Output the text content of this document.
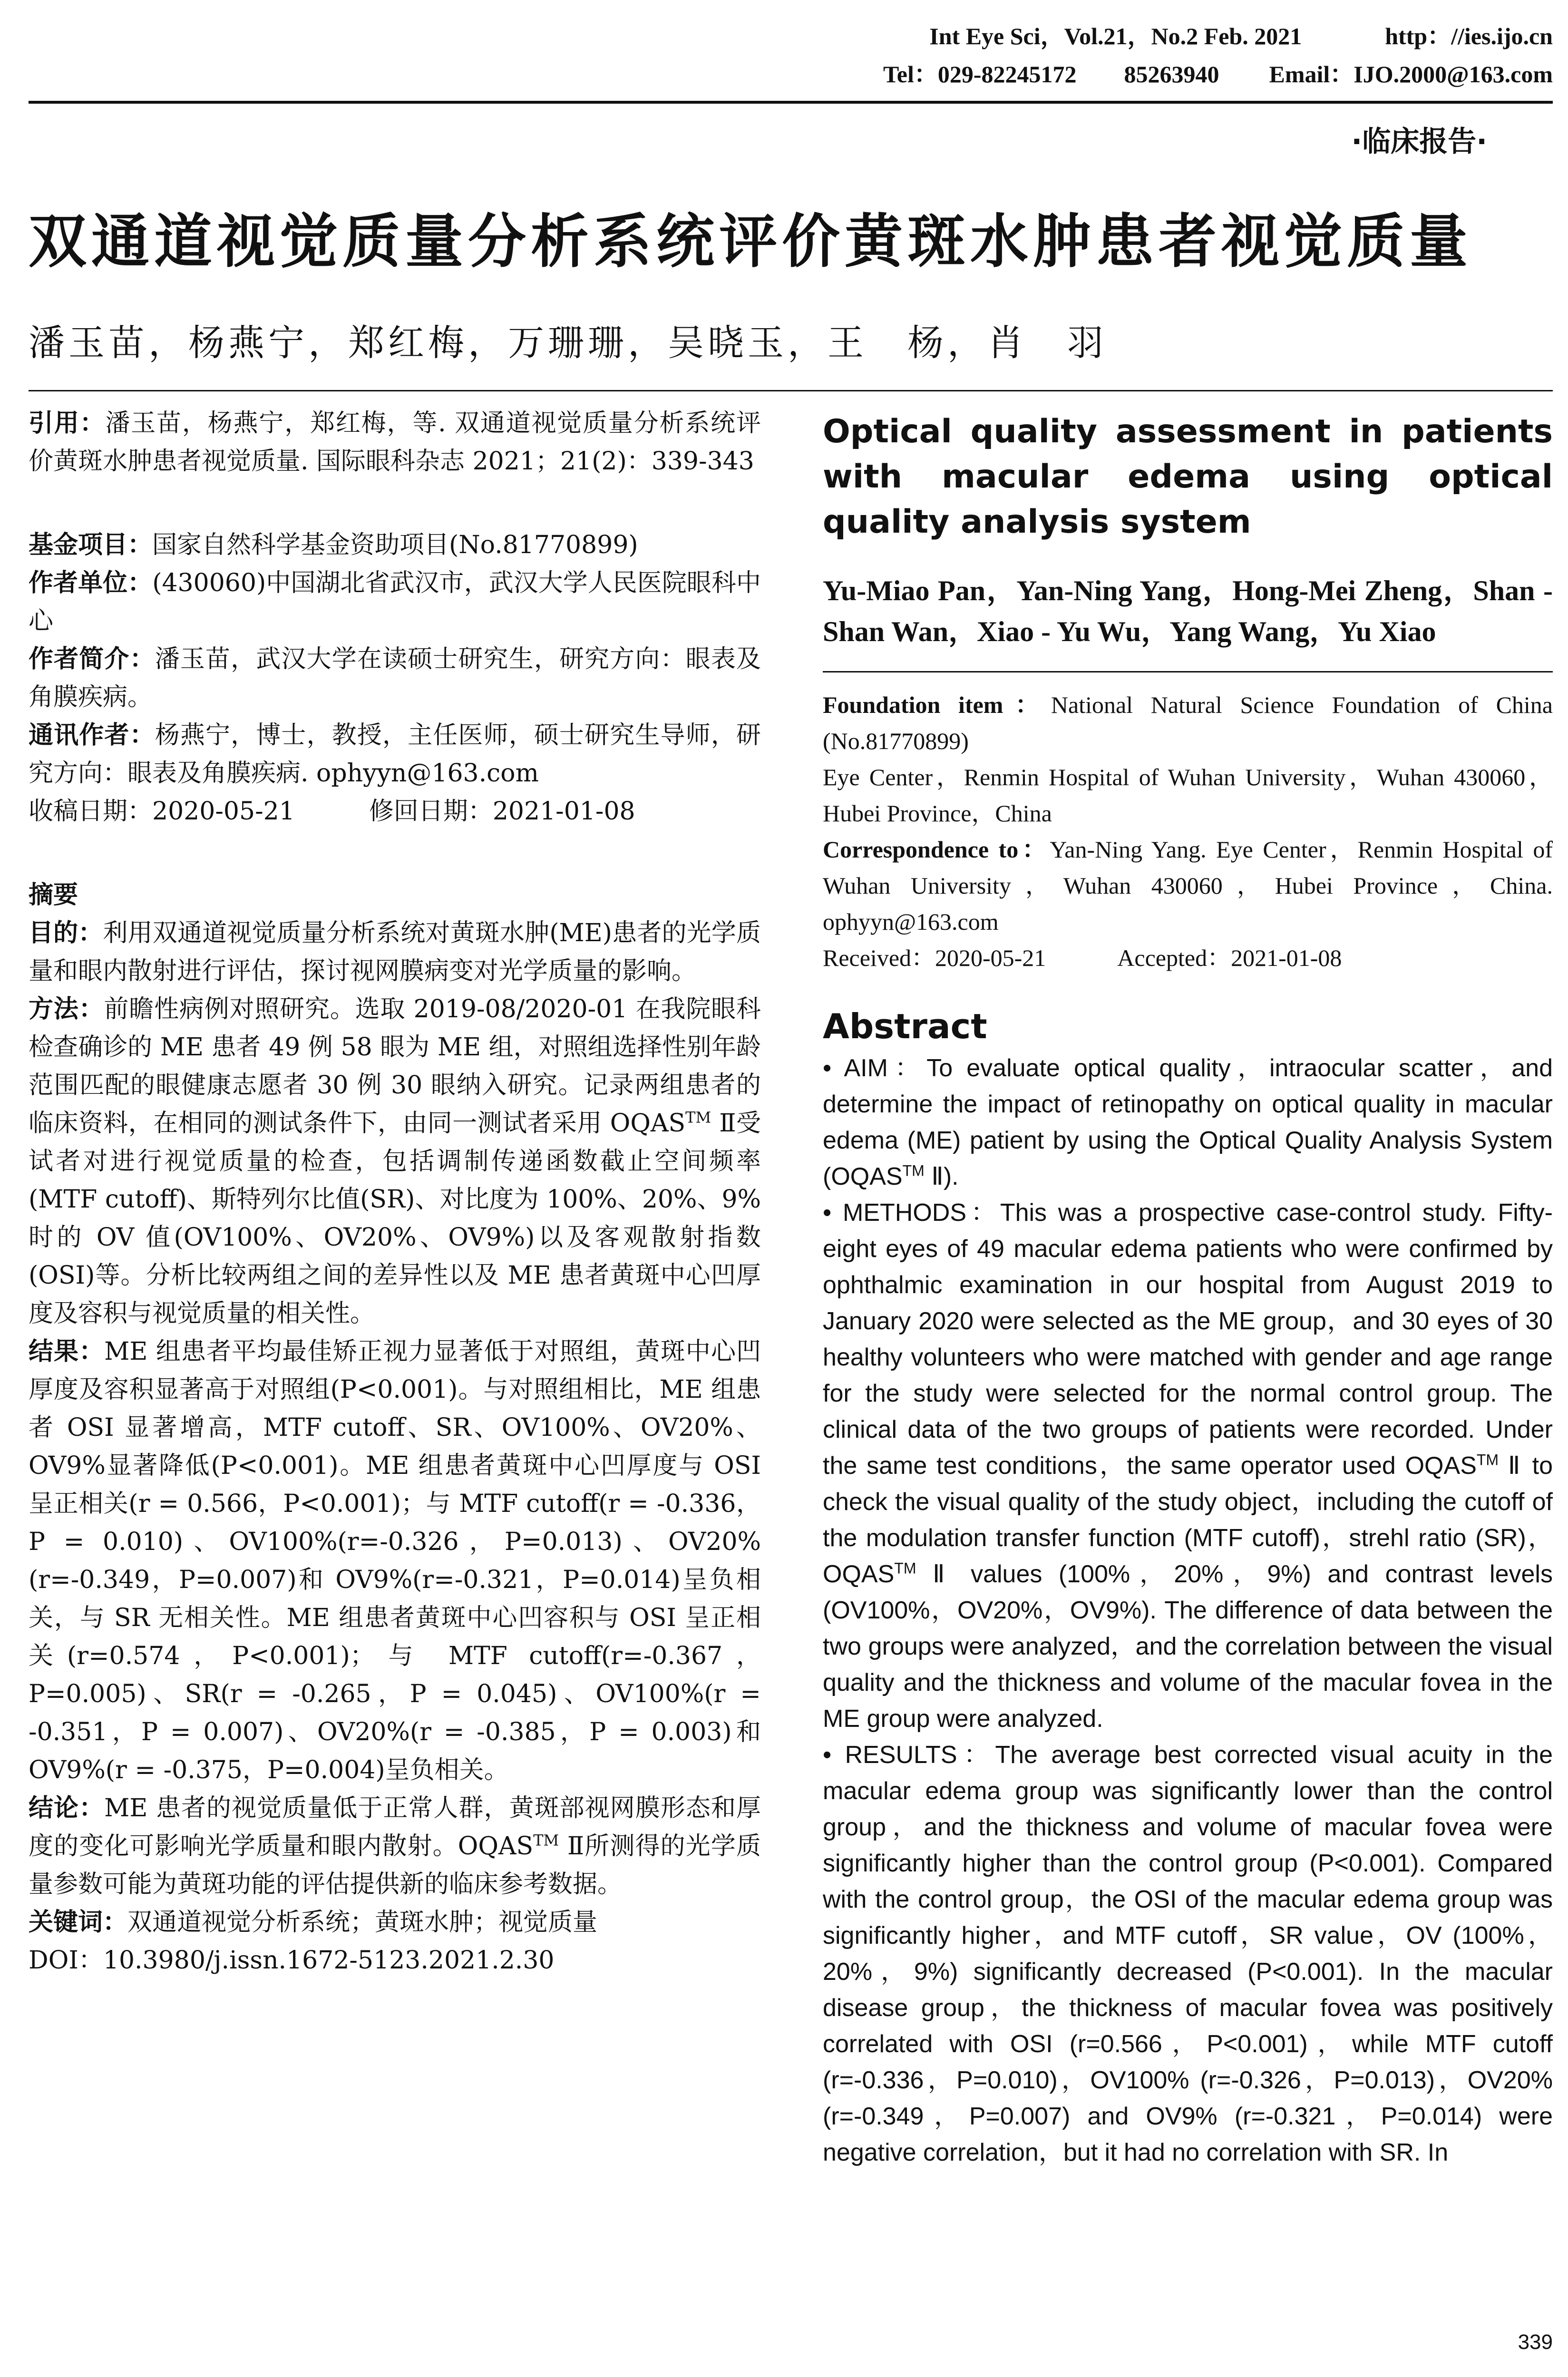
Int Eye Sci，Vol.21，No.2 Feb. 2021	http：//ies.ijo.cn
Tel：029-82245172　　85263940 Email：IJO.2000@163.com
·临床报告·
双通道视觉质量分析系统评价黄斑水肿患者视觉质量
潘玉苗，杨燕宁，郑红梅，万珊珊，吴晓玉，王　杨，肖　羽
引用：潘玉苗，杨燕宁，郑红梅，等. 双通道视觉质量分析系统评价黄斑水肿患者视觉质量. 国际眼科杂志 2021；21(2)：339-343
基金项目：国家自然科学基金资助项目(No.81770899)
作者单位：(430060)中国湖北省武汉市，武汉大学人民医院眼科中心
作者简介：潘玉苗，武汉大学在读硕士研究生，研究方向：眼表及角膜疾病。
通讯作者：杨燕宁，博士，教授，主任医师，硕士研究生导师，研究方向：眼表及角膜疾病. ophyyn@163.com
收稿日期：2020-05-21　　　修回日期：2021-01-08
摘要
目的：利用双通道视觉质量分析系统对黄斑水肿(ME)患者的光学质量和眼内散射进行评估，探讨视网膜病变对光学质量的影响。
方法：前瞻性病例对照研究。选取 2019-08/2020-01 在我院眼科检查确诊的 ME 患者 49 例 58 眼为 ME 组，对照组选择性别年龄范围匹配的眼健康志愿者 30 例 30 眼纳入研究。记录两组患者的临床资料，在相同的测试条件下，由同一测试者采用 OQAS™ Ⅱ受试者对进行视觉质量的检查，包括调制传递函数截止空间频率(MTF cutoff)、斯特列尔比值(SR)、对比度为 100%、20%、9%时的 OV 值(OV100%、OV20%、OV9%)以及客观散射指数(OSI)等。分析比较两组之间的差异性以及 ME 患者黄斑中心凹厚度及容积与视觉质量的相关性。
结果：ME 组患者平均最佳矫正视力显著低于对照组，黄斑中心凹厚度及容积显著高于对照组(P<0.001)。与对照组相比，ME 组患者 OSI 显著增高，MTF cutoff、SR、OV100%、OV20%、OV9%显著降低(P<0.001)。ME 组患者黄斑中心凹厚度与 OSI 呈正相关(r = 0.566，P<0.001)；与 MTF cutoff(r = -0.336，P = 0.010)、OV100%(r=-0.326，P=0.013)、OV20%(r=-0.349，P=0.007)和 OV9%(r=-0.321，P=0.014)呈负相关，与 SR 无相关性。ME 组患者黄斑中心凹容积与 OSI 呈正相关(r=0.574，P<0.001)；与 MTF cutoff(r=-0.367，P=0.005)、SR(r = -0.265，P = 0.045)、OV100%(r = -0.351，P = 0.007)、OV20%(r = -0.385，P = 0.003)和 OV9%(r = -0.375，P=0.004)呈负相关。
结论：ME 患者的视觉质量低于正常人群，黄斑部视网膜形态和厚度的变化可影响光学质量和眼内散射。OQAS™ Ⅱ所测得的光学质量参数可能为黄斑功能的评估提供新的临床参考数据。
关键词：双通道视觉分析系统；黄斑水肿；视觉质量
DOI：10.3980/j.issn.1672-5123.2021.2.30
Optical quality assessment in patients with macular edema using optical quality analysis system
Yu-Miao Pan，Yan-Ning Yang，Hong-Mei Zheng，Shan - Shan Wan，Xiao - Yu Wu，Yang Wang，Yu Xiao
Foundation item：National Natural Science Foundation of China (No.81770899)
Eye Center，Renmin Hospital of Wuhan University，Wuhan 430060，Hubei Province，China
Correspondence to：Yan-Ning Yang. Eye Center，Renmin Hospital of Wuhan University，Wuhan 430060，Hubei Province，China. ophyyn@163.com
Received：2020-05-21　　　Accepted：2021-01-08
Abstract
• AIM：To evaluate optical quality，intraocular scatter，and determine the impact of retinopathy on optical quality in macular edema (ME) patient by using the Optical Quality Analysis System (OQAS™ Ⅱ).
• METHODS：This was a prospective case-control study. Fifty-eight eyes of 49 macular edema patients who were confirmed by ophthalmic examination in our hospital from August 2019 to January 2020 were selected as the ME group，and 30 eyes of 30 healthy volunteers who were matched with gender and age range for the study were selected for the normal control group. The clinical data of the two groups of patients were recorded. Under the same test conditions，the same operator used OQAS™ Ⅱ to check the visual quality of the study object，including the cutoff of the modulation transfer function (MTF cutoff)，strehl ratio (SR)，OQAS™ Ⅱ values (100%，20%，9%) and contrast levels (OV100%，OV20%，OV9%). The difference of data between the two groups were analyzed，and the correlation between the visual quality and the thickness and volume of the macular fovea in the ME group were analyzed.
• RESULTS：The average best corrected visual acuity in the macular edema group was significantly lower than the control group，and the thickness and volume of macular fovea were significantly higher than the control group (P<0.001). Compared with the control group，the OSI of the macular edema group was significantly higher，and MTF cutoff，SR value，OV (100%，20%，9%) significantly decreased (P<0.001). In the macular disease group，the thickness of macular fovea was positively correlated with OSI (r=0.566，P<0.001)，while MTF cutoff (r=-0.336，P=0.010)，OV100% (r=-0.326，P=0.013)，OV20% (r=-0.349，P=0.007) and OV9% (r=-0.321，P=0.014) were negative correlation，but it had no correlation with SR. In
339
